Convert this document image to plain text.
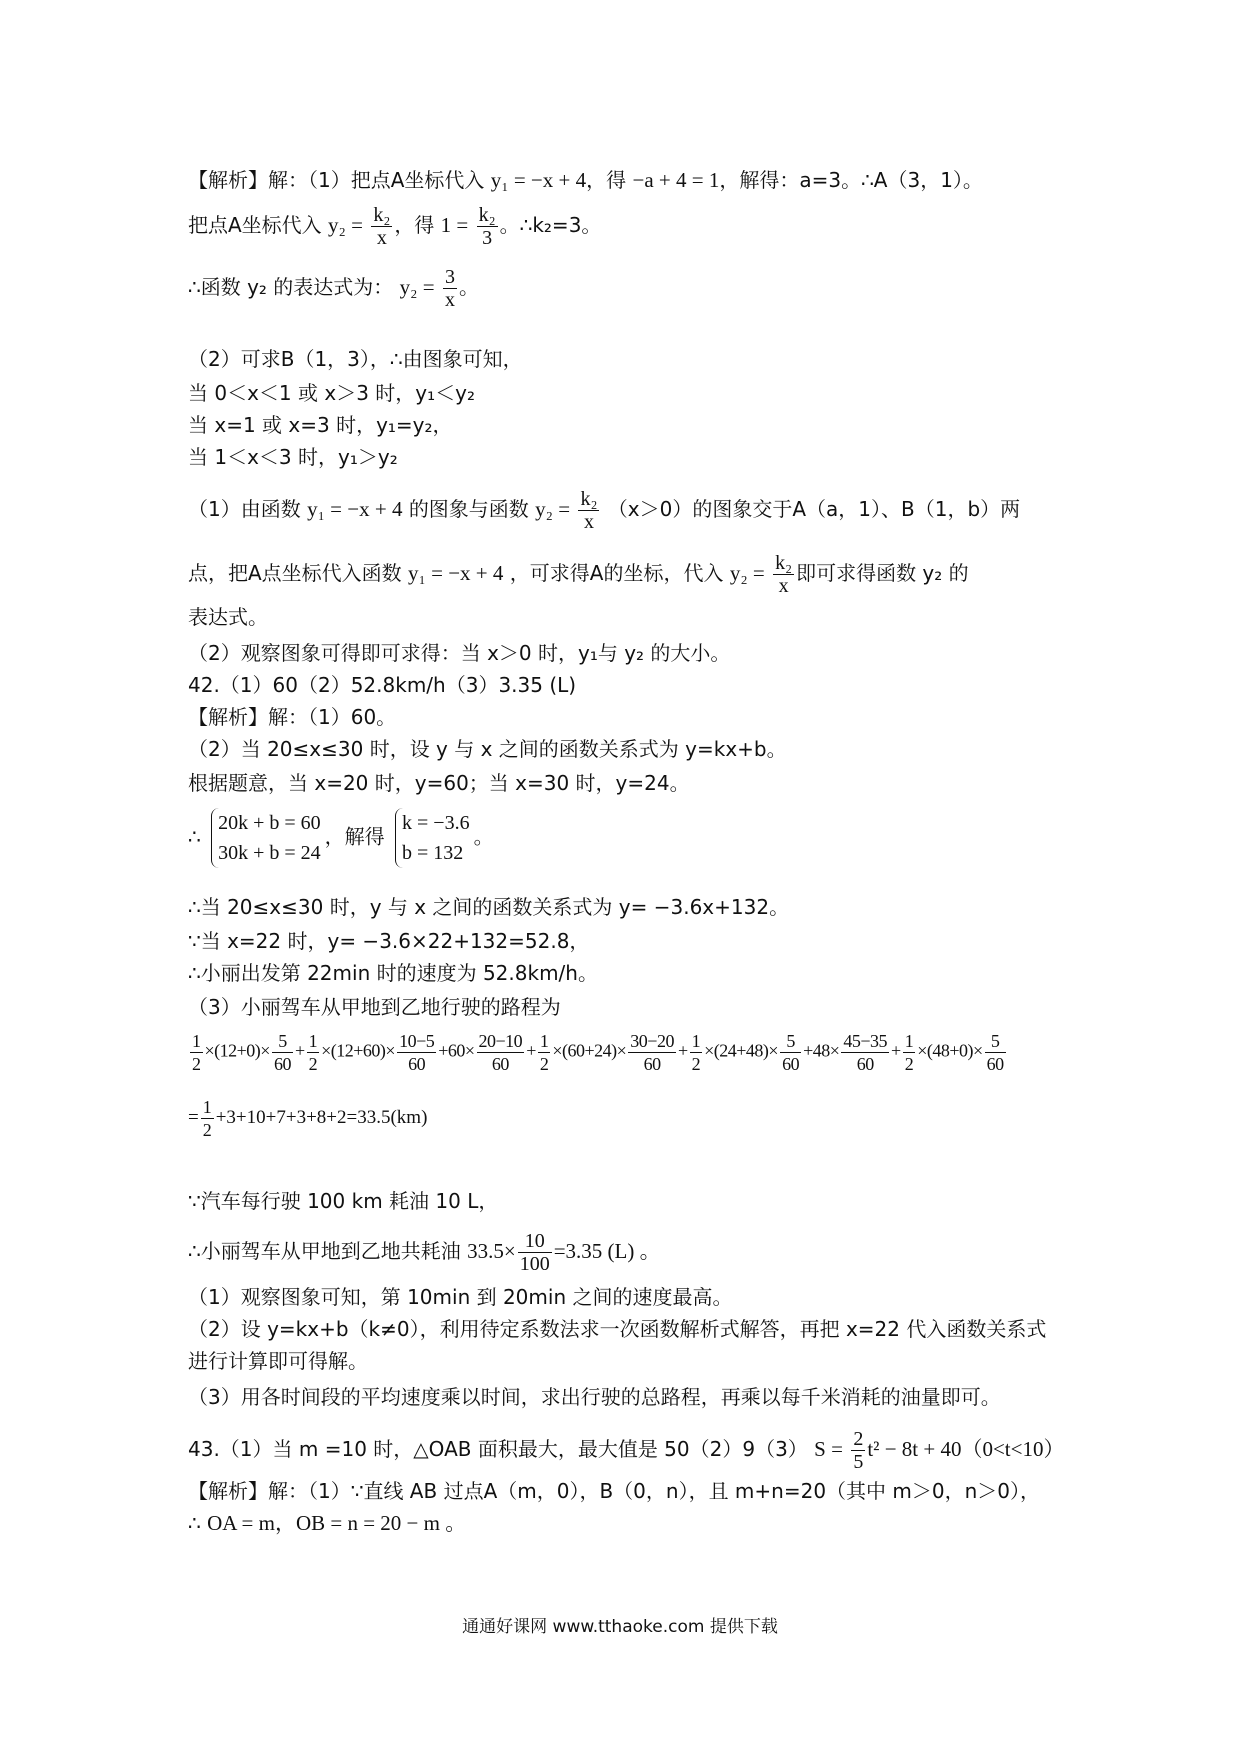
【解析】解：（1）把点A坐标代入 y₁ = −x + 4，得 −a + 4 = 1，解得：a=3。∴A（3，1）。
把点A坐标代入 $y_2 = \frac{\text{k₂}}{x}$ ，得 $1 = \frac{\text{k₂}}{3}$ 。∴k₂=3。
∴函数 y₂ 的表达式为： $y_2 = \frac{3}{x}$ 。
（2）可求B（1，3），∴由图象可知，
当 0＜x＜1 或 x＞3 时，y₁＜y₂
当 x=1 或 x=3 时，y₁=y₂，
当 1＜x＜3 时，y₁＞y₂
（1）由函数 y₁ = −x + 4 的图象与函数 $y_2 = \frac{\text{k₂}}{x} (x>0)$的图象交于A（a，1）、B（1，b）两
点，把A点坐标代入函数 y₁ = −x + 4 ，可求得A的坐标，代入 $y_2 = \frac{\text{k₂}}{x}$ 即可求得函数 y₂ 的
表达式。
（2）观察图象可得即可求得：当 x＞0 时，y₁与 y₂ 的大小。
42.（1）60（2）52.8km/h（3）3.35 (L)
【解析】解：（1）60。
（2）当 20≤x≤30 时，设 y 与 x 之间的函数关系式为 y=kx+b。
根据题意，当 x=20 时，y=60；当 x=30 时，y=24。
∴
20k + b = 60
30k + b = 24
，解得
k = −3.6
b = 132
。
∴当 20≤x≤30 时，y 与 x 之间的函数关系式为 y= −3.6x+132。
∵当 x=22 时，y= −3.6×22+132=52.8，
∴小丽出发第 22min 时的速度为 52.8km/h。
（3）小丽驾车从甲地到乙地行驶的路程为
$\frac{1}{2} \times(12+0)\times \frac{5}{60} + \frac{1}{2} \times(12+60)\times \frac{10-5}{60} +60\times \frac{20-10}{60} + \frac{1}{2} \times(60+24)\times \frac{30-20}{60} + \frac{1}{2} \times(24+48)\times \frac{5}{60} +48\times \frac{45-35}{60} + \frac{1}{2} \times(48+0)\times \frac{5}{60}$
= $\frac{1}{2} +3+10+7+3+8+2=33.5(km)$
∵汽车每行驶 100 km 耗油 10 L，
∴小丽驾车从甲地到乙地共耗油 $33.5\times \frac{10}{100} =3.35$ (L) 。
（1）观察图象可知，第 10min 到 20min 之间的速度最高。
（2）设 y=kx+b（k≠0），利用待定系数法求一次函数解析式解答，再把 x=22 代入函数关系式
进行计算即可得解。
（3）用各时间段的平均速度乘以时间，求出行驶的总路程，再乘以每千米消耗的油量即可。
43.（1）当 m =10 时，△OAB 面积最大，最大值是 50（2）9（3） $S = \frac{2}{5} t^2 - 8t + 40(0<t<10)$
【解析】解：（1）∵直线 AB 过点A（m，0），B（0，n），且 m+n=20（其中 m＞0，n＞0），
∴ OA = m，OB = n = 20 − m 。
通通好课网 www.tthaoke.com 提供下载
